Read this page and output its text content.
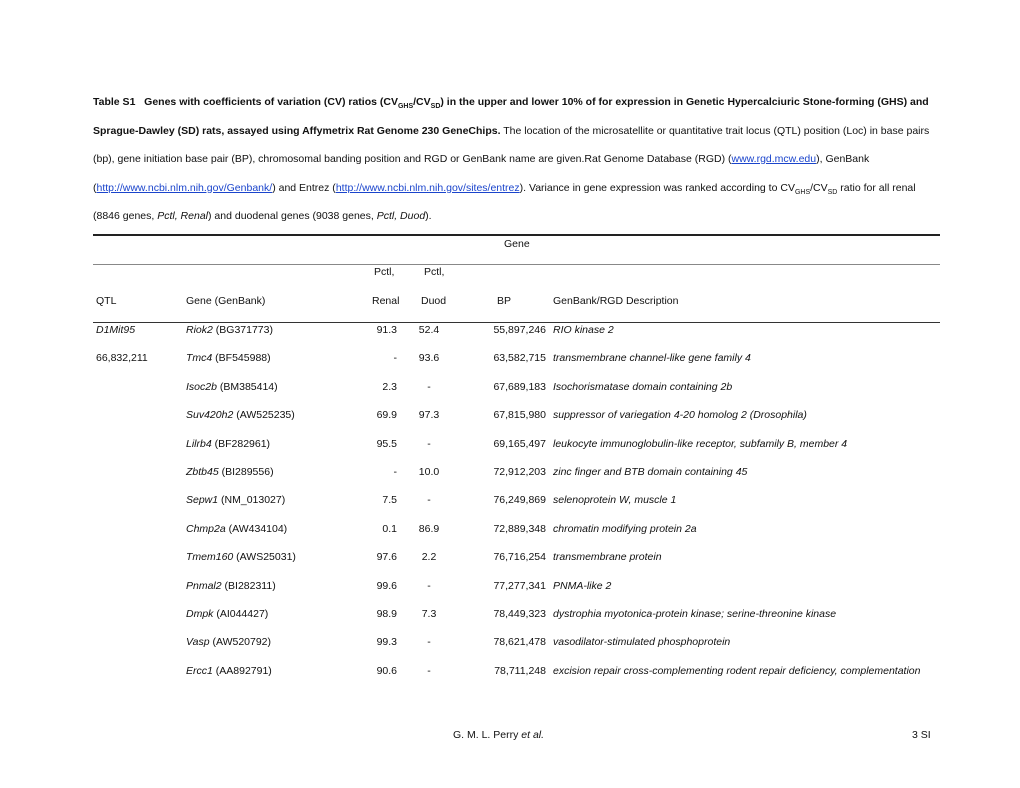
Table S1 Genes with coefficients of variation (CV) ratios $(CV_{GHS}/CV_{SD})$ in the upper and lower 10% of for expression in Genetic Hypercalciuric Stone-forming (GHS) and Sprague-Dawley (SD) rats, assayed using Affymetrix Rat Genome 230 GeneChips. The location of the microsatellite or quantitative trait locus (QTL) position (Loc) in base pairs (bp), gene initiation base pair (BP), chromosomal banding position and RGD or GenBank name are given.Rat Genome Database (RGD) (www.rgd.mcw.edu), GenBank (http://www.ncbi.nlm.nih.gov/Genbank/) and Entrez (http://www.ncbi.nlm.nih.gov/sites/entrez). Variance in gene expression was ranked according to $CV_{GHS}/CV_{SD}$ ratio for all renal (8846 genes, Pctl, Renal) and duodenal genes (9038 genes, Pctl, Duod).
Gene
Pctl,	Pctl,
QTL	Gene (GenBank)	Renal Duod	BP	GenBank/RGD Description
D1Mit95	Riok2 (BG371773)	91.3	52.4	55,897,246 RIO kinase 2
66,832,211	Tmc4 (BF545988)	-	93.6	63,582,715 transmembrane channel-like gene family 4
Isoc2b (BM385414)	2.3	-	67,689,183 Isochorismatase domain containing 2b
Suv420h2 (AW525235)	69.9	97.3	67,815,980 suppressor of variegation 4-20 homolog 2 (Drosophila)
Lilrb4 (BF282961)	95.5	-	69,165,497 leukocyte immunoglobulin-like receptor, subfamily B, member 4
Zbtb45 (BI289556)	-	10.0	72,912,203 zinc finger and BTB domain containing 45
Sepw1 (NM_013027)	7.5	-	76,249,869 selenoprotein W, muscle 1
Chmp2a (AW434104)	0.1	86.9	72,889,348 chromatin modifying protein 2a
Tmem160 (AWS25031)	97.6	2.2	76,716,254 transmembrane protein
Pnmal2 (BI282311)	99.6	-	77,277,341 PNMA-like 2
Dmpk (AI044427)	98.9	7.3	78,449,323 dystrophia myotonica-protein kinase; serine-threonine kinase
Vasp (AW520792)	99.3	-	78,621,478 vasodilator-stimulated phosphoprotein
Ercc1 (AA892791)	90.6	-	78,711,248 excision repair cross-complementing rodent repair deficiency, complementation
G. M. L. Perry et al.	3 SI
